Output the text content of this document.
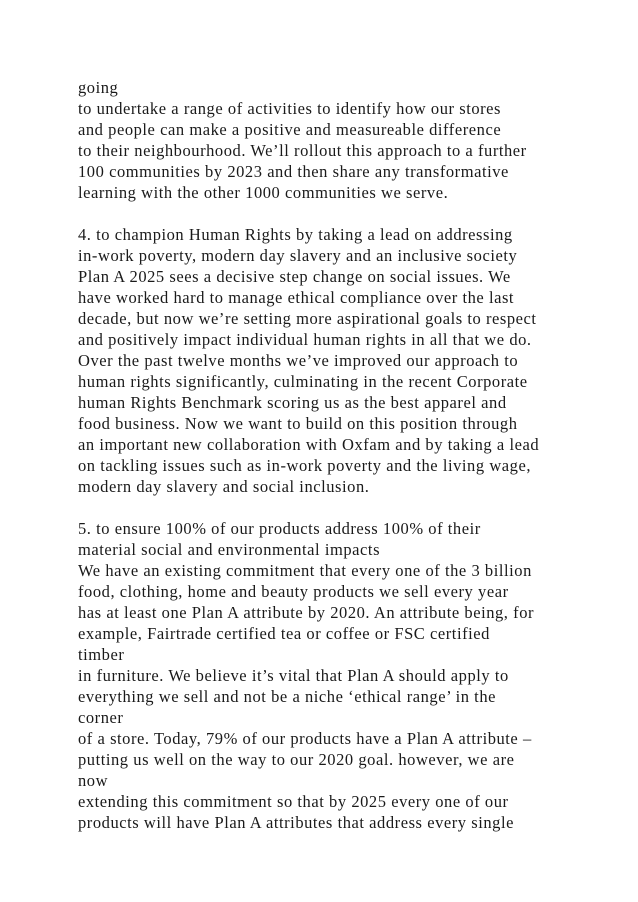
going
to undertake a range of activities to identify how our stores
and people can make a positive and measureable difference
to their neighbourhood. We’ll rollout this approach to a further
100 communities by 2023 and then share any transformative
learning with the other 1000 communities we serve.
4. to champion Human Rights by taking a lead on addressing
in-work poverty, modern day slavery and an inclusive society
Plan A 2025 sees a decisive step change on social issues. We
have worked hard to manage ethical compliance over the last
decade, but now we’re setting more aspirational goals to respect
and positively impact individual human rights in all that we do.
Over the past twelve months we’ve improved our approach to
human rights significantly, culminating in the recent Corporate
human Rights Benchmark scoring us as the best apparel and
food business. Now we want to build on this position through
an important new collaboration with Oxfam and by taking a lead
on tackling issues such as in-work poverty and the living wage,
modern day slavery and social inclusion.
5. to ensure 100% of our products address 100% of their
material social and environmental impacts
We have an existing commitment that every one of the 3 billion
food, clothing, home and beauty products we sell every year
has at least one Plan A attribute by 2020. An attribute being, for
example, Fairtrade certified tea or coffee or FSC certified
timber
in furniture. We believe it’s vital that Plan A should apply to
everything we sell and not be a niche ‘ethical range’ in the
corner
of a store. Today, 79% of our products have a Plan A attribute –
putting us well on the way to our 2020 goal. however, we are
now
extending this commitment so that by 2025 every one of our
products will have Plan A attributes that address every single
